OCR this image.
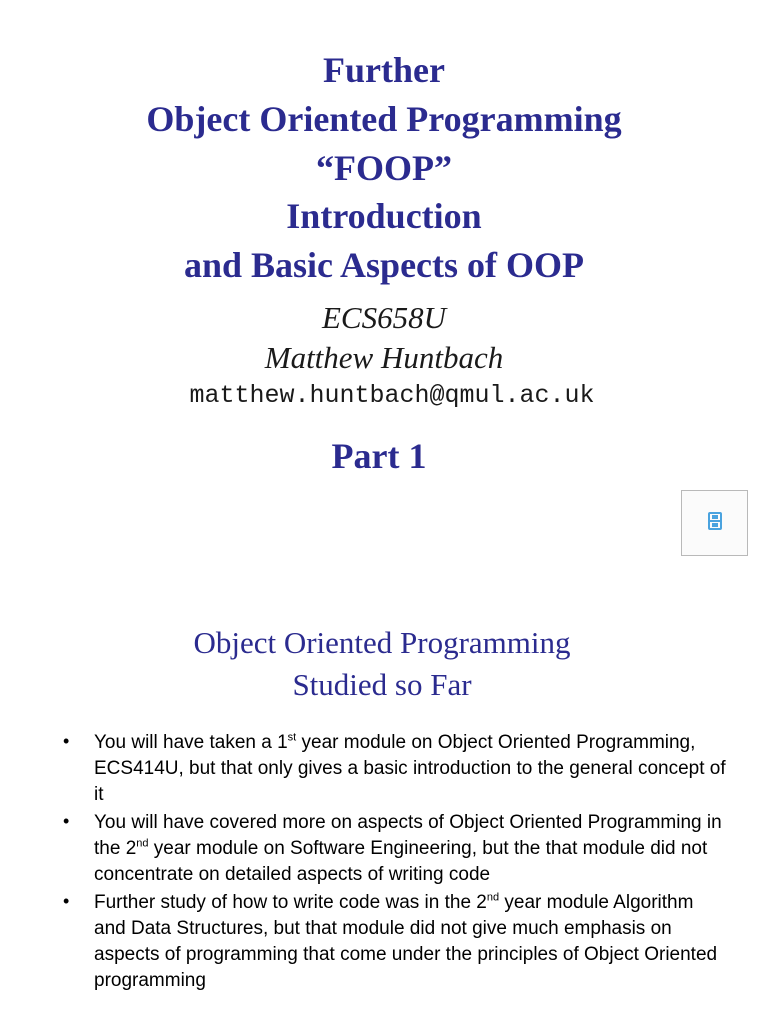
Further
Object Oriented Programming
“FOOP”
Introduction
and Basic Aspects of OOP
ECS658U
Matthew Huntbach
matthew.huntbach@qmul.ac.uk
Part 1
Object Oriented Programming
Studied so Far
• You will have taken a 1st year module on Object Oriented Programming, ECS414U, but that only gives a basic introduction to the general concept of it
• You will have covered more on aspects of Object Oriented Programming in the 2nd year module on Software Engineering, but the that module did not concentrate on detailed aspects of writing code
• Further study of how to write code was in the 2nd year module Algorithm and Data Structures, but that module did not give much emphasis on aspects of programming that come under the principles of Object Oriented programming
